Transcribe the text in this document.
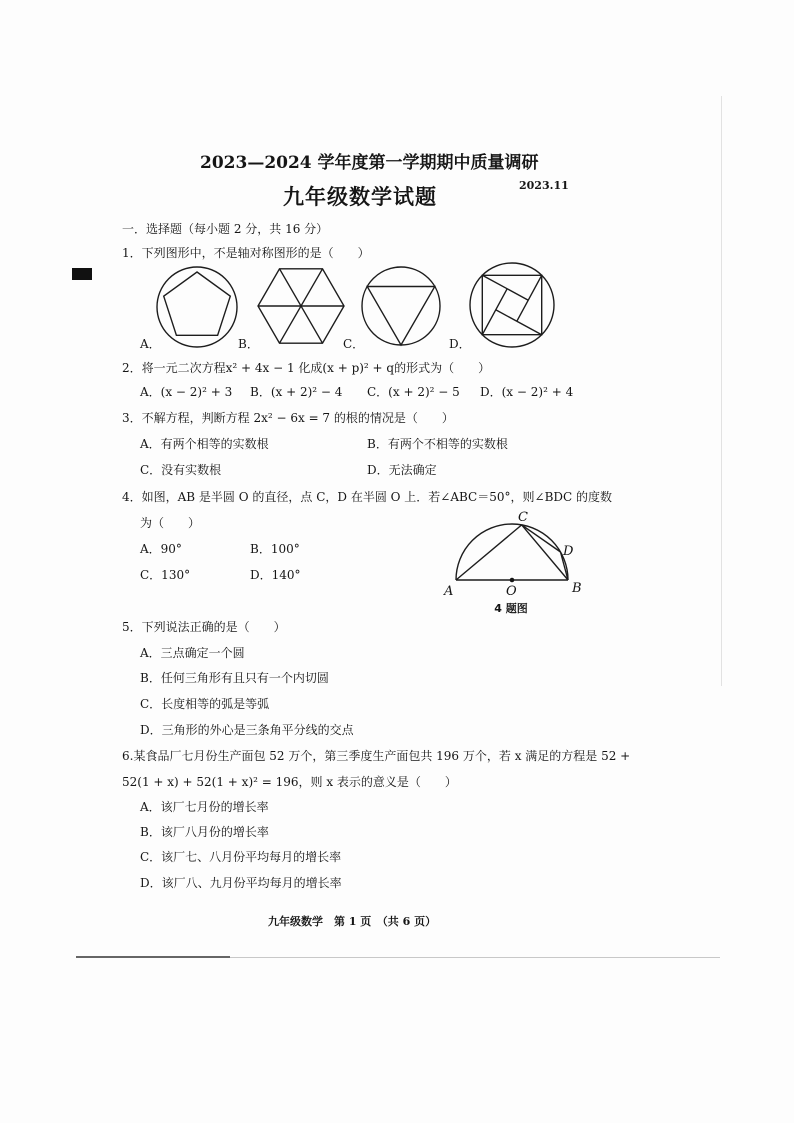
2023—2024 学年度第一学期期中质量调研
九年级数学试题	2023.11
一．选择题（每小题 2 分，共 16 分）
1．下列图形中，不是轴对称图形的是（　　）
A．	B．	C．	D．
2．将一元二次方程x² + 4x − 1 化成(x + p)² + q的形式为（　　）
A．(x − 2)² + 3 B．(x + 2)² − 4 C．(x + 2)² − 5 D．(x − 2)² + 4
3．不解方程，判断方程 2x² − 6x = 7 的根的情况是（　　）
A．有两个相等的实数根	B．有两个不相等的实数根
C．没有实数根	D．无法确定
4．如图，AB 是半圆 O 的直径，点 C，D 在半圆 O 上．若∠ABC＝50°，则∠BDC 的度数
为（　　）
A．90°	B．100°
C．130°	D．140°
A	O	B
C
D
4 题图
5．下列说法正确的是（　　）
A．三点确定一个圆
B．任何三角形有且只有一个内切圆
C．长度相等的弧是等弧
D．三角形的外心是三条角平分线的交点
6.某食品厂七月份生产面包 52 万个，第三季度生产面包共 196 万个，若 x 满足的方程是 52 +
52(1 + x) + 52(1 + x)² = 196，则 x 表示的意义是（　　）
A．该厂七月份的增长率
B．该厂八月份的增长率
C．该厂七、八月份平均每月的增长率
D．该厂八、九月份平均每月的增长率
九年级数学　第 1 页　（共 6 页）
